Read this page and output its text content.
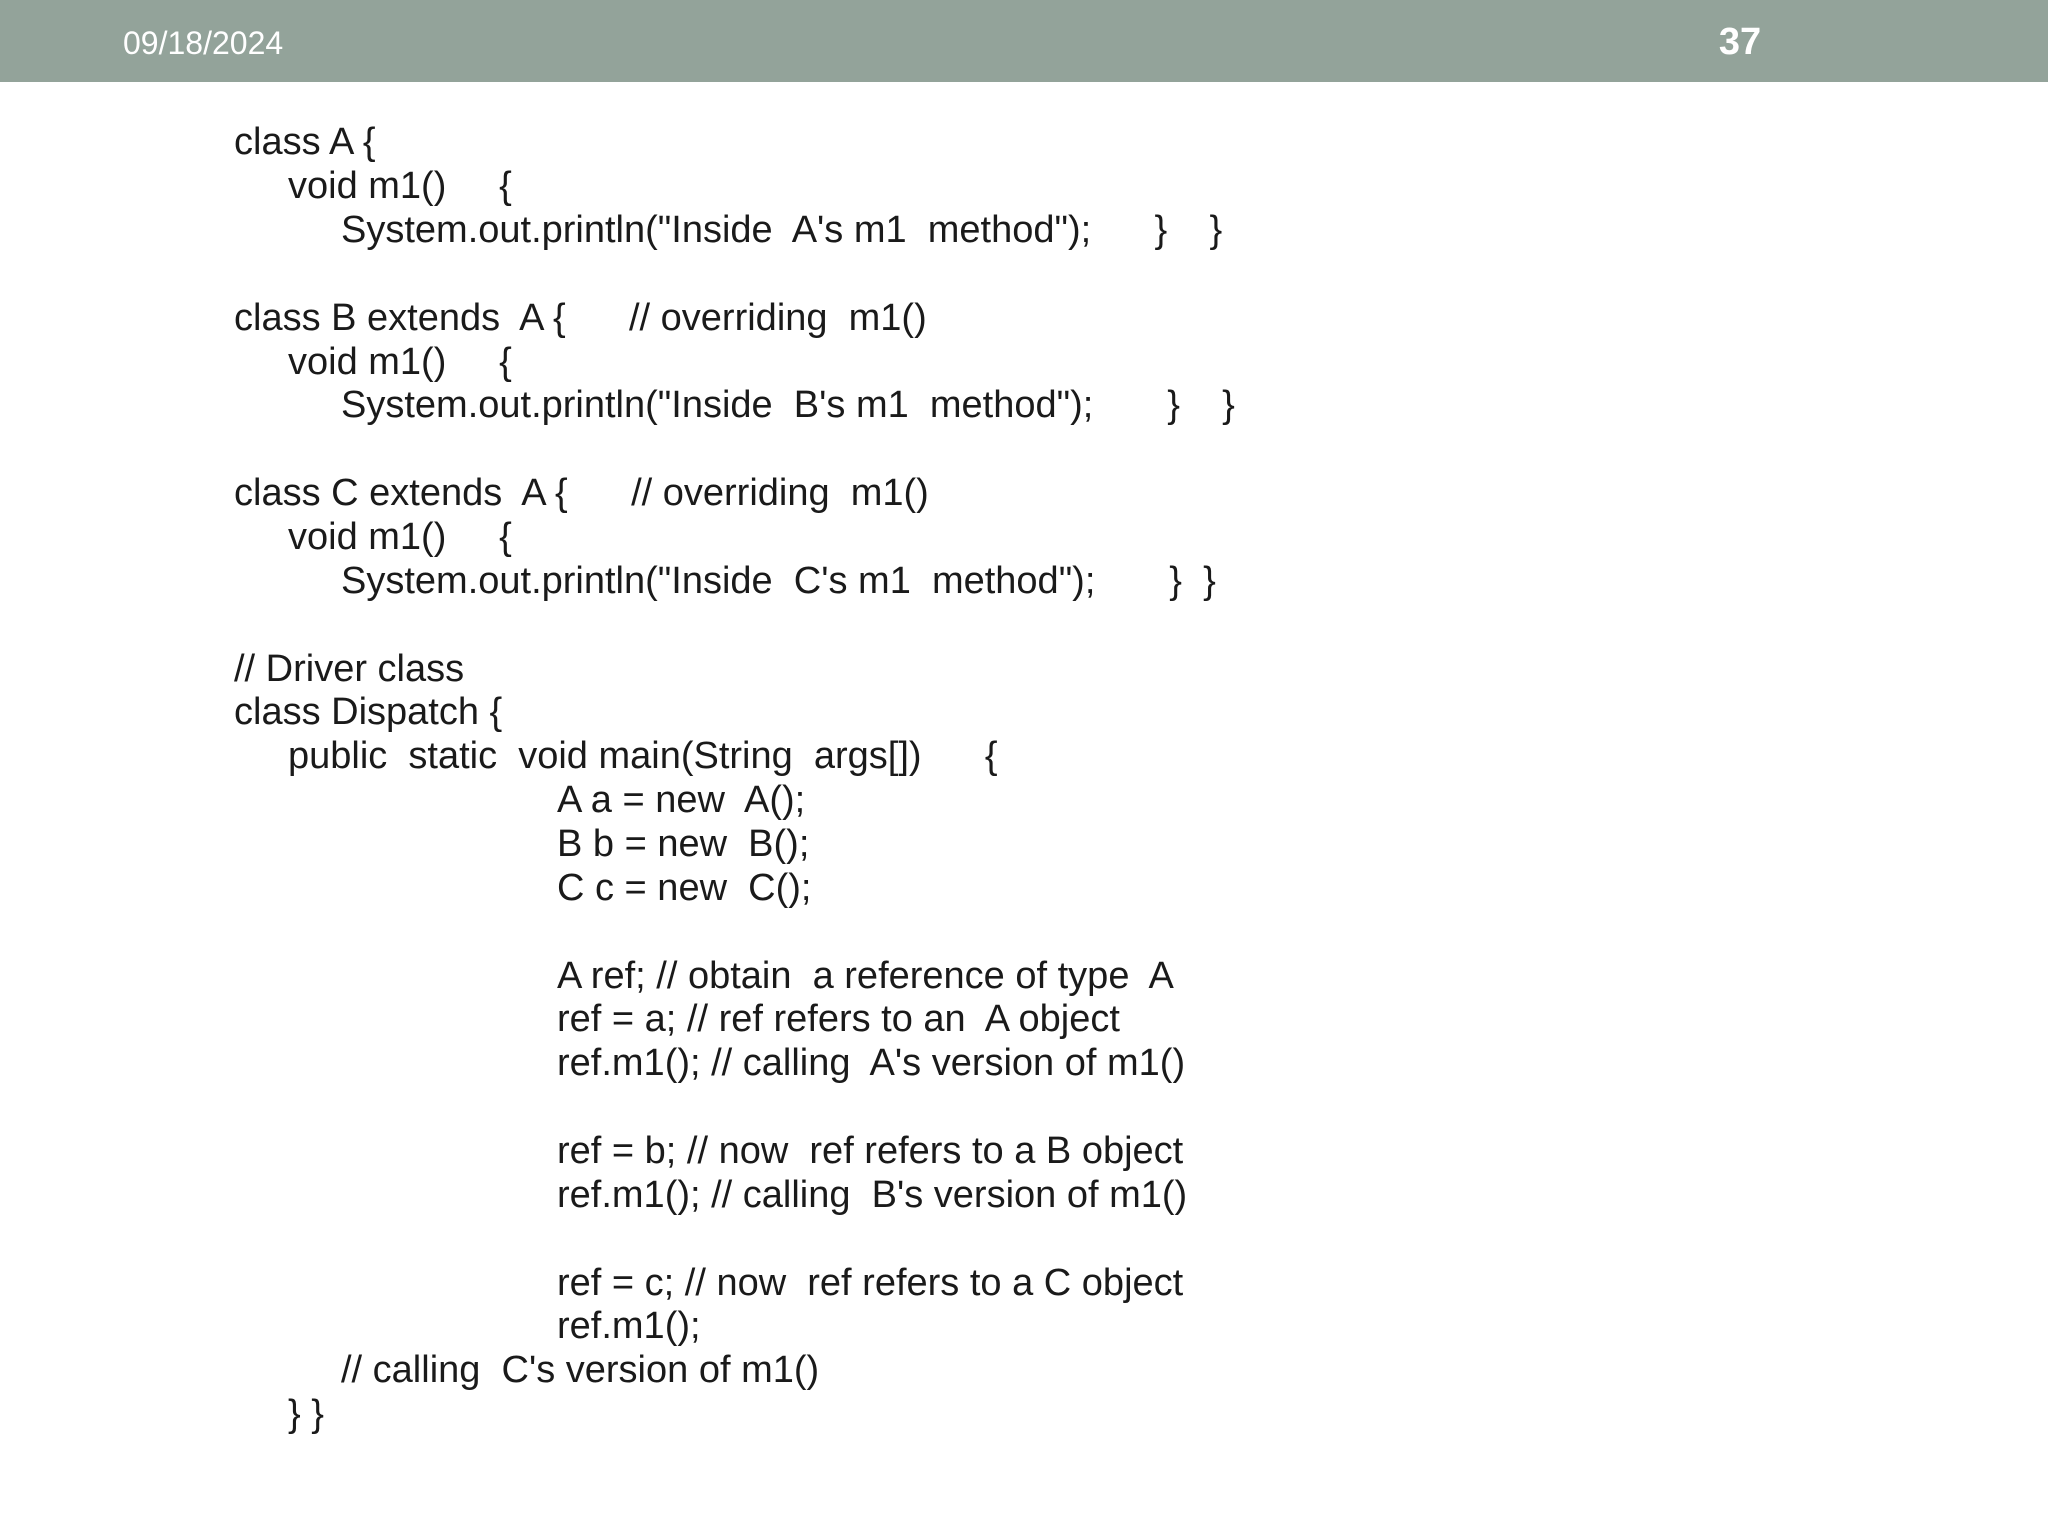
09/18/2024	37
class A {
void m1()     {
System.out.println("Inside  A's m1  method");      }    }
class B extends  A {      // overriding  m1()
void m1()     {
System.out.println("Inside  B's m1  method");       }    }
class C extends  A {      // overriding  m1()
void m1()     {
System.out.println("Inside  C's m1  method");       }  }
// Driver class
class Dispatch {
public  static  void main(String  args[])      {
A a = new  A();
B b = new  B();
C c = new  C();
A ref; // obtain  a reference of type  A
ref = a; // ref refers to an  A object
ref.m1(); // calling  A's version of m1()
ref = b; // now  ref refers to a B object
ref.m1(); // calling  B's version of m1()
ref = c; // now  ref refers to a C object
ref.m1();
// calling  C's version of m1()
} }
